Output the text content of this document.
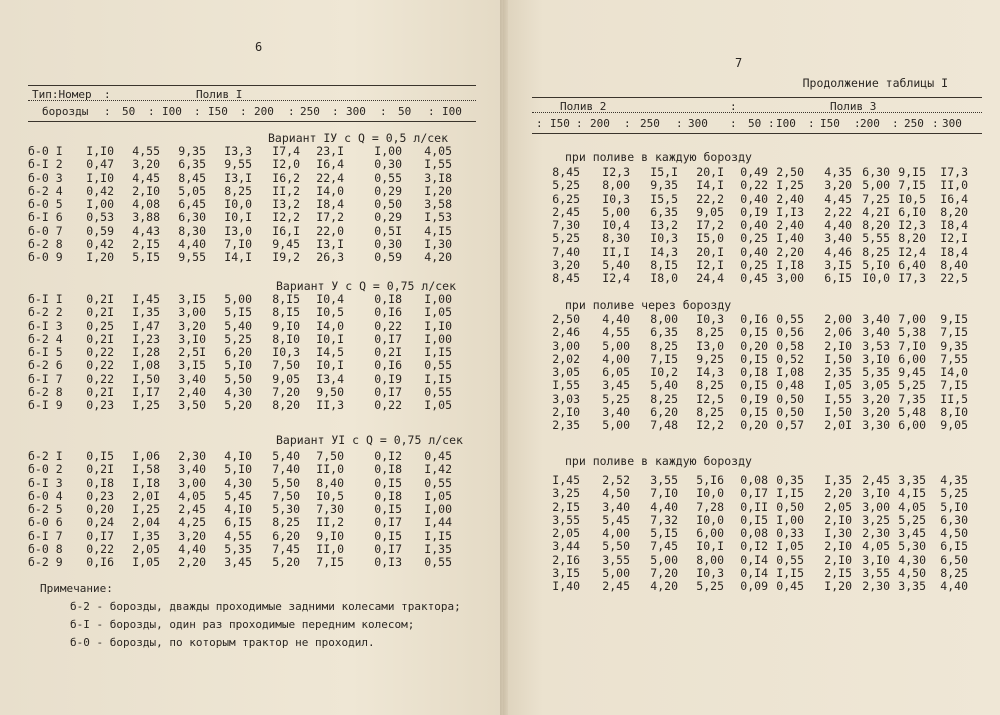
6
7
Продолжение таблицы I
Тип:Номер :	Полив I
борозды : 50 : I00 : I50 : 200 : 250 : 300 : 50 : I00
Вариант IУ с Q = 0,5 л/сек
б-0 I	I,I0	4,55	9,35	I3,3	I7,4	23,I	I,00	4,05
б-I 2	0,47	3,20	6,35	9,55	I2,0	I6,4	0,30	I,55
б-0 3	I,I0	4,45	8,45	I3,I	I6,2	22,4	0,55	3,I8
б-2 4	0,42	2,I0	5,05	8,25	II,2	I4,0	0,29	I,20
б-0 5	I,00	4,08	6,45	I0,0	I3,2	I8,4	0,50	3,58
б-I 6	0,53	3,88	6,30	I0,I	I2,2	I7,2	0,29	I,53
б-0 7	0,59	4,43	8,30	I3,0	I6,I	22,0	0,5I	4,I5
б-2 8	0,42	2,I5	4,40	7,I0	9,45	I3,I	0,30	I,30
б-0 9	I,20	5,I5	9,55	I4,I	I9,2	26,3	0,59	4,20
Вариант У с Q = 0,75 л/сек
б-I I	0,2I	I,45	3,I5	5,00	8,I5	I0,4	0,I8	I,00
б-2 2	0,2I	I,35	3,00	5,I5	8,I5	I0,5	0,I6	I,05
б-I 3	0,25	I,47	3,20	5,40	9,I0	I4,0	0,22	I,I0
б-2 4	0,2I	I,23	3,I0	5,25	8,I0	I0,I	0,I7	I,00
б-I 5	0,22	I,28	2,5I	6,20	I0,3	I4,5	0,2I	I,I5
б-2 6	0,22	I,08	3,I5	5,I0	7,50	I0,I	0,I6	0,55
б-I 7	0,22	I,50	3,40	5,50	9,05	I3,4	0,I9	I,I5
б-2 8	0,2I	I,I7	2,40	4,30	7,20	9,50	0,I7	0,55
б-I 9	0,23	I,25	3,50	5,20	8,20	II,3	0,22	I,05
Вариант УI с Q = 0,75 л/сек
б-2 I	0,I5	I,06	2,30	4,I0	5,40	7,50	0,I2	0,45
б-0 2	0,2I	I,58	3,40	5,I0	7,40	II,0	0,I8	I,42
б-I 3	0,I8	I,I8	3,00	4,30	5,50	8,40	0,I5	0,55
б-0 4	0,23	2,0I	4,05	5,45	7,50	I0,5	0,I8	I,05
б-2 5	0,20	I,25	2,45	4,I0	5,30	7,30	0,I5	I,00
б-0 6	0,24	2,04	4,25	6,I5	8,25	II,2	0,I7	I,44
б-I 7	0,I7	I,35	3,20	4,55	6,20	9,I0	0,I5	I,I5
б-0 8	0,22	2,05	4,40	5,35	7,45	II,0	0,I7	I,35
б-2 9	0,I6	I,05	2,20	3,45	5,20	7,I5	0,I3	0,55
Примечание:
б-2 - борозды, дважды проходимые задними колесами трактора;
б-I - борозды, один раз проходимые передним колесом;
б-0 - борозды, по которым трактор не проходил.
Полив 2	:	Полив 3
: I50 : 200 : 250 : 300 : 50 : I00 : I50 : 200 : 250 : 300
при поливе в каждую борозду
8,45	I2,3	I5,I	20,I	0,49	2,50	4,35	6,30	9,I5	I7,3
5,25	8,00	9,35	I4,I	0,22	I,25	3,20	5,00	7,I5	II,0
6,25	I0,3	I5,5	22,2	0,40	2,40	4,45	7,25	I0,5	I6,4
2,45	5,00	6,35	9,05	0,I9	I,I3	2,22	4,2I	6,I0	8,20
7,30	I0,4	I3,2	I7,2	0,40	2,40	4,40	8,20	I2,3	I8,4
5,25	8,30	I0,3	I5,0	0,25	I,40	3,40	5,55	8,20	I2,I
7,40	II,I	I4,3	20,I	0,40	2,20	4,46	8,25	I2,4	I8,4
3,20	5,40	8,I5	I2,I	0,25	I,I8	3,I5	5,I0	6,40	8,40
8,45	I2,4	I8,0	24,4	0,45	3,00	6,I5	I0,0	I7,3	22,5
при поливе через борозду
2,50	4,40	8,00	I0,3	0,I6	0,55	2,00	3,40	7,00	9,I5
2,46	4,55	6,35	8,25	0,I5	0,56	2,06	3,40	5,38	7,I5
3,00	5,00	8,25	I3,0	0,20	0,58	2,I0	3,53	7,I0	9,35
2,02	4,00	7,I5	9,25	0,I5	0,52	I,50	3,I0	6,00	7,55
3,05	6,05	I0,2	I4,3	0,I8	I,08	2,35	5,35	9,45	I4,0
I,55	3,45	5,40	8,25	0,I5	0,48	I,05	3,05	5,25	7,I5
3,03	5,25	8,25	I2,5	0,I9	0,50	I,55	3,20	7,35	II,5
2,I0	3,40	6,20	8,25	0,I5	0,50	I,50	3,20	5,48	8,I0
2,35	5,00	7,48	I2,2	0,20	0,57	2,0I	3,30	6,00	9,05
при поливе в каждую борозду
I,45	2,52	3,55	5,I6	0,08	0,35	I,35	2,45	3,35	4,35
3,25	4,50	7,I0	I0,0	0,I7	I,I5	2,20	3,I0	4,I5	5,25
2,I5	3,40	4,40	7,28	0,II	0,50	2,05	3,00	4,05	5,I0
3,55	5,45	7,32	I0,0	0,I5	I,00	2,I0	3,25	5,25	6,30
2,05	4,00	5,I5	6,00	0,08	0,33	I,30	2,30	3,45	4,50
3,44	5,50	7,45	I0,I	0,I2	I,05	2,I0	4,05	5,30	6,I5
2,I6	3,55	5,00	8,00	0,I4	0,55	2,I0	3,I0	4,30	6,50
3,I5	5,00	7,20	I0,3	0,I4	I,I5	2,I5	3,55	4,50	8,25
I,40	2,45	4,20	5,25	0,09	0,45	I,20	2,30	3,35	4,40
